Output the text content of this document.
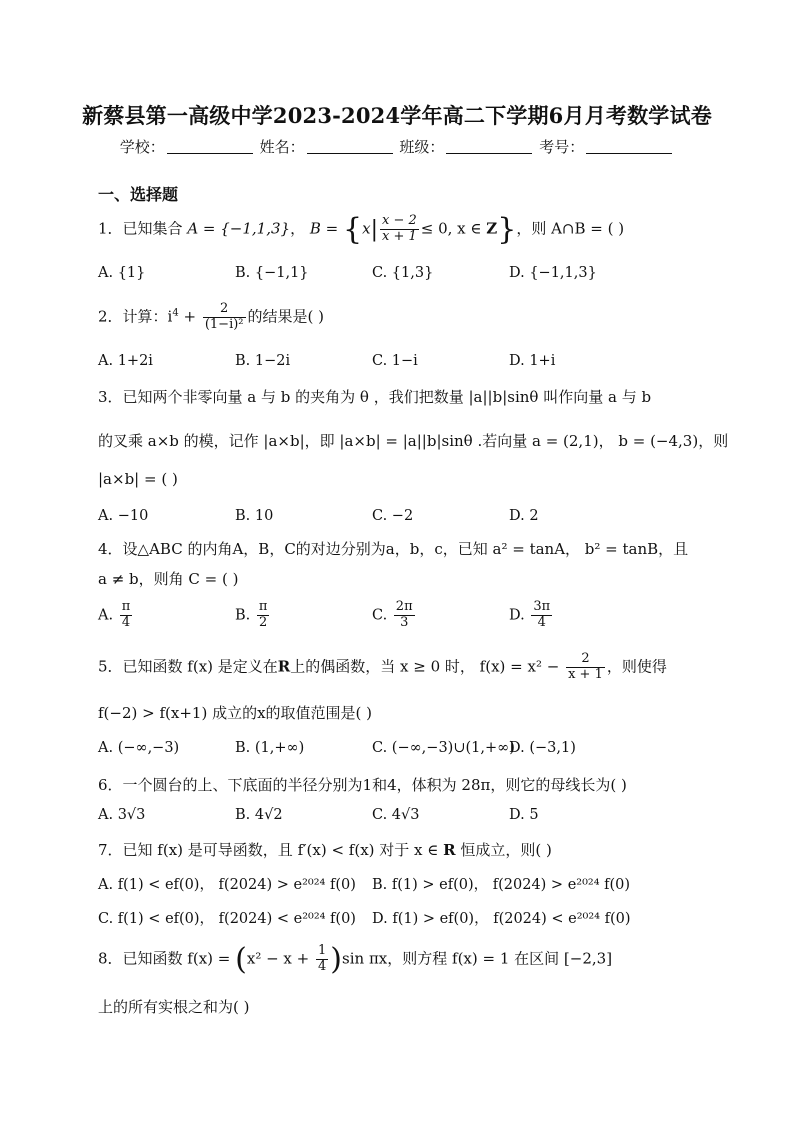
新蔡县第一高级中学2023-2024学年高二下学期6月月考数学试卷
学校：	姓名：	班级：	考号：
一、选择题
1．已知集合 A = {−1,1,3}， $B = \{x| \frac{x - 2}{x + 1} \le 0$, x ∈ Z}，则 A∩B = ( )
A. {1}	B. {−1,1}	C. {1,3}	D. {−1,1,3}
2．计算：$i^4 + \frac{2}{\text{(1−i)²}}$ 的结果是( )
A. 1+2i	B. 1−2i	C. 1−i	D. 1+i
3．已知两个非零向量 a 与 b 的夹角为 θ ，我们把数量 |a||b|sinθ 叫作向量 a 与 b
的叉乘 a×b 的模，记作 |a×b|，即 |a×b| = |a||b|sinθ .若向量 a = (2,1)， b = (−4,3)，则
|a×b| = ( )
A. −10	B. 10	C. −2	D. 2
4．设△ABC 的内角A，B，C的对边分别为a，b，c，已知 a² = tanA， b² = tanB，且
a ≠ b，则角 C = ( )
A. $\frac{\pi}{4}$	B. $\frac{\pi}{2}$	C. $\frac{2\pi}{3}$	D. $\frac{3\pi}{4}$
5．已知函数 f(x) 是定义在R上的偶函数，当 x ≥ 0 时， $f(x) = x^2 - \frac{2}{x + 1}$ ，则使得
f(−2) > f(x+1) 成立的x的取值范围是( )
A. (−∞,−3)	B. (1,+∞)	C. (−∞,−3)∪(1,+∞)
D. (−3,1)
6．一个圆台的上、下底面的半径分别为1和4，体积为 28π，则它的母线长为( )
A. 3√3	B. 4√2	C. 4√3	D. 5
7．已知 f(x) 是可导函数，且 f′(x) < f(x) 对于 x ∈ R 恒成立，则( )
A. f(1) < ef(0)， f(2024) > e²⁰²⁴ f(0) B. f(1) > ef(0)， f(2024) > e²⁰²⁴ f(0)
C. f(1) < ef(0)， f(2024) < e²⁰²⁴ f(0) D. f(1) > ef(0)， f(2024) < e²⁰²⁴ f(0)
8．已知函数 $f(x) = (x^2 - x + \frac{1}{4} )\sin$ πx，则方程 f(x) = 1 在区间 [−2,3]
上的所有实根之和为( )
